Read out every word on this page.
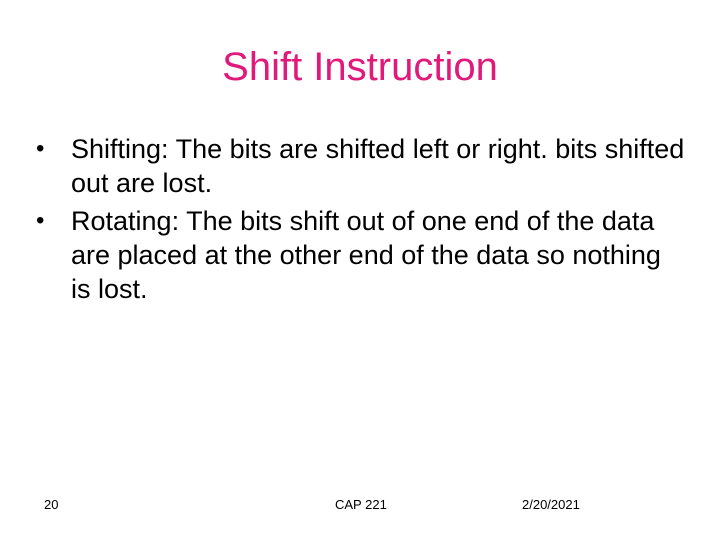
Shift Instruction
• Shifting: The bits are shifted left or right. bits shifted out are lost.
• Rotating: The bits shift out of one end of the data are placed at the other end of the data so nothing is lost.
20	CAP 221	2/20/2021
